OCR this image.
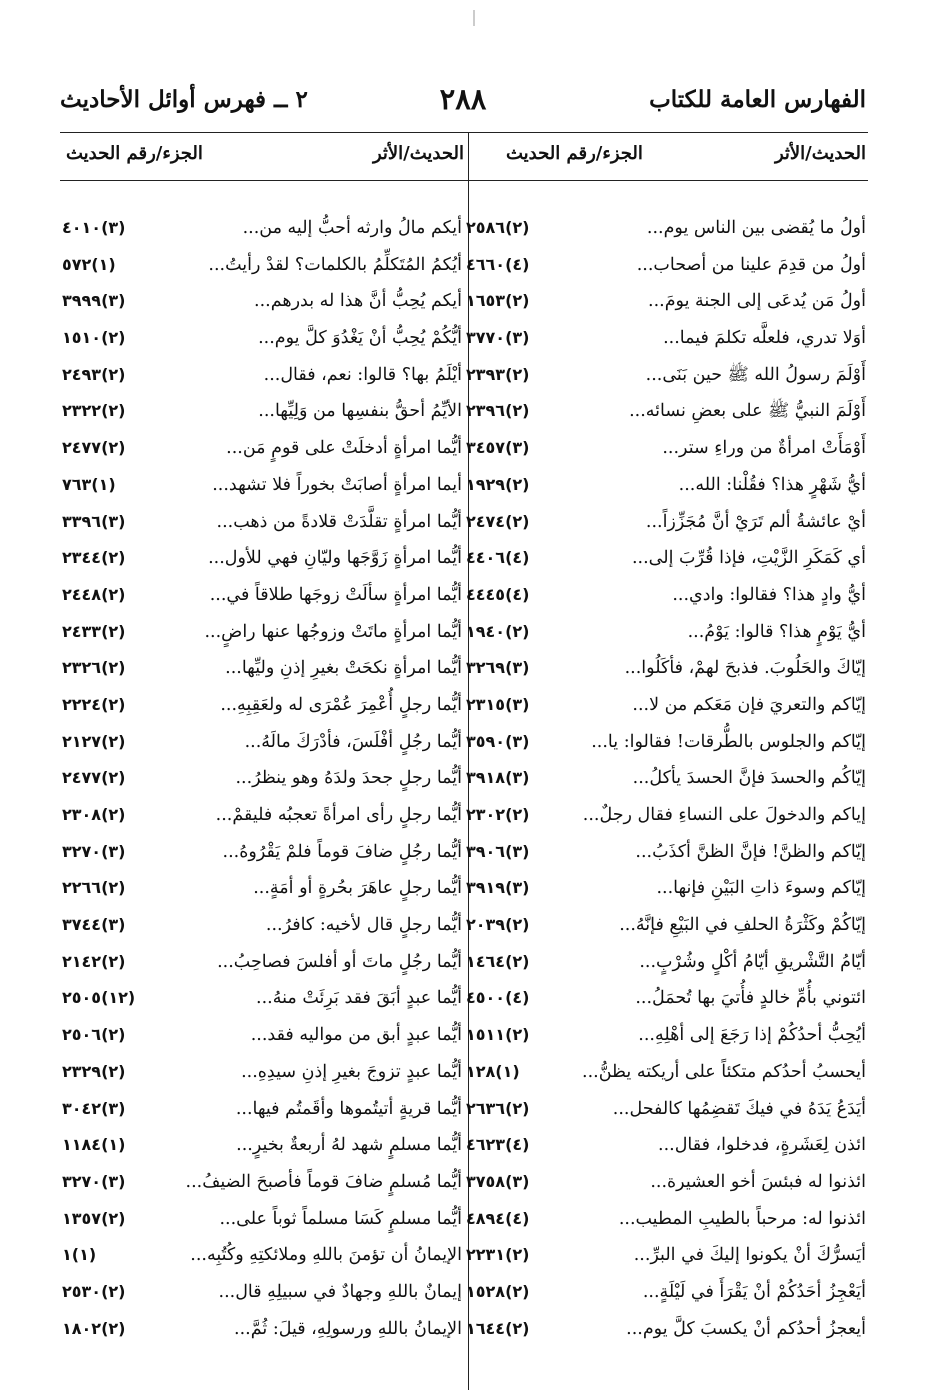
الفهارس العامة للكتاب
٢٨٨
٢ ــ فهرس أوائل الأحاديث
الحديث/الأثر
الجزء/رقم الحديث
الحديث/الأثر
الجزء/رقم الحديث
أولُ ما يُقضى بين الناس يوم...
(٢)٢٥٨٦
أولُ من قدِمَ علينا من أصحاب...
(٤)٤٦٦٠
أولُ مَن يُدعَى إلى الجنة يومَ...
(٢)١٦٥٣
أوَلا تدري، فلعلَّه تكلمَ فيما...
(٣)٣٧٧٠
أَوْلَمَ رسولُ الله ﷺ حين بَنَى...
(٢)٢٣٩٣
أَوْلَمَ النبيُّ ﷺ على بعضِ نسائه...
(٢)٢٣٩٦
أَوْمَأَتْ امرأةٌ من وراءِ ستر...
(٣)٣٤٥٧
أيُّ شَهْرٍ هذا؟ فقُلْنا: الله...
(٢)١٩٢٩
أيْ عائشةُ ألم تَرَيْ أنَّ مُجَزِّزاً...
(٢)٢٤٧٤
أي كَمَكَرِ الزَّيْتِ، فإذا قُرِّبَ إلى...
(٤)٤٤٠٦
أيُّ وادٍ هذا؟ فقالوا: وادي...
(٤)٤٤٤٥
أيُّ يَوْمٍ هذا؟ قالوا: يَوْمُ...
(٢)١٩٤٠
إيّاكَ والحَلُوبَ. فذبحَ لهمْ، فأكَلُوا...
(٣)٣٢٦٩
إيّاكم والتعريَ فإن مَعَكم من لا...
(٣)٢٣١٥
إيّاكم والجلوس بالطُّرقات! فقالوا: يا...
(٣)٣٥٩٠
إيّاكُم والحسدَ فإنَّ الحسدَ يأكلُ...
(٣)٣٩١٨
إياكم والدخولَ على النساءِ فقال رجلٌ...
(٢)٢٣٠٢
إيّاكم والظنَّ! فإنَّ الظنَّ أكذَبُ...
(٣)٣٩٠٦
إيّاكم وسوءَ ذاتِ البَيْنِ فإنها...
(٣)٣٩١٩
إيّاكُمْ وكَثْرَةُ الحلفِ في البَيْعِ فإنَّهُ...
(٢)٢٠٣٩
أيّامُ التَّشْريقِ أيّامُ أكْلٍ وشُرْبٍ...
(٢)١٤٦٤
ائتوني بأُمِّ خالدٍ فأُتيَ بها تُحمَلُ...
(٤)٤٥٠٠
أيُحِبُّ أحدُكُمْ إذا رَجَعَ إلى أهْلِهِ...
(٢)١٥١١
أيحسبُ أحدُكم متكئاً على أريكته يظنُّ...
(١)١٢٨
أيَدَعُ يَدَهُ في فيكَ تَقضِمُها كالفحل...
(٢)٢٦٣٦
ائذن لِعَشَرةٍ، فدخلوا، فقال...
(٤)٤٦٢٣
ائذنوا له فبئسَ أخو العشيرة...
(٣)٣٧٥٨
ائذنوا له: مرحباً بالطيبِ المطيب...
(٤)٤٨٩٤
أيَسرُّكَ أنْ يكونوا إليكَ في البرِّ...
(٢)٢٢٣١
أيَعْجِزُ أحَدُكُمْ أنْ يَقْرَأَ في لَيْلَةٍ...
(٢)١٥٢٨
أيعجزُ أحدُكم أنْ يكسبَ كلَّ يوم...
(٢)١٦٤٤
أيكم مالُ وارثه أحبُّ إليه من...
(٣)٤٠١٠
أيُكمُ المُتَكلِّمُ بالكلمات؟ لقدْ رأيتُ...
(١)٥٧٢
أيكم يُحِبُّ أنَّ هذا له بدرهم...
(٣)٣٩٩٩
أيُّكُمْ يُحِبُّ أنْ يَغْدُوَ كلَّ يوم...
(٢)١٥١٠
أيْلَمُ بها؟ قالوا: نعم، فقال...
(٢)٢٤٩٣
الأيِّمُ أحقُّ بنفسِها من وَلِيِّها...
(٢)٢٣٢٢
أيُّما امرأةٍ أدخلَتْ على قومٍ مَن...
(٢)٢٤٧٧
أيما امرأةٍ أصابَتْ بخوراً فلا تشهد...
(١)٧٦٣
أيُّما امرأةٍ تقلَّدَتْ قلادةً من ذهب...
(٣)٣٣٩٦
أيُّما امرأةٍ زَوَّجَها وليّانِ فهي للأول...
(٢)٢٣٤٤
أيُّما امرأةٍ سألَتْ زوجَها طلاقاً في...
(٢)٢٤٤٨
أيُّما امرأةٍ ماتَتْ وزوجُها عنها راضٍ...
(٢)٢٤٣٣
أيُّما امرأةٍ نكحَتْ بغيرِ إذنِ وليِّها...
(٢)٢٣٢٦
أيُّما رجلٍ أُعْمِرَ عُمْرَى له ولعَقِبِهِ...
(٢)٢٢٢٤
أيُّما رجُلٍ أفْلَسَ، فأدْرَكَ مالَهُ...
(٢)٢١٢٧
أيُّما رجلٍ جحدَ ولدَهُ وهو ينظرُ...
(٢)٢٤٧٧
أيُّما رجلٍ رأى امرأةً تعجبُه فليقمْ...
(٢)٢٣٠٨
أيُّما رجُلٍ ضافَ قوماً فلمْ يَقْرُوهُ...
(٣)٣٢٧٠
أيُّما رجلٍ عاهَرَ بحُرةٍ أو أمَةٍ...
(٢)٢٢٦٦
أيُّما رجلٍ قال لأخيه: كافرُ...
(٣)٣٧٤٤
أيُّما رجُلٍ ماتَ أو أفلسَ فصاحِبُ...
(٢)٢١٤٢
أيُّما عبدٍ أبَقَ فقد بَرِئَتْ منهُ...
(١٢)٢٥٠٥
أيُّما عبدٍ أبق من مواليه فقد...
(٢)٢٥٠٦
أيُّما عبدٍ تزوجَ بغيرِ إذنِ سيدِهِ...
(٢)٢٣٢٩
أيُّما قريةٍ أتيتُموها وأقَمتُم فيها...
(٣)٣٠٤٢
أيُّما مسلمٍ شهد لهُ أربعةٌ بخيرٍ...
(١)١١٨٤
أيُّما مُسلمٍ ضافَ قوماً فأصبحَ الضيفُ...
(٣)٣٢٧٠
أيُّما مسلمٍ كَسَا مسلماً ثوباً على...
(٢)١٣٥٧
الإيمانُ أن تؤمنَ باللهِ وملائكتِهِ وكُتُبِه...
(١)١
إيمانٌ باللهِ وجهادٌ في سبيلِهِ قال...
(٢)٢٥٣٠
الإيمانُ باللهِ ورسولِهِ، قيلَ: ثُمَّ...
(٢)١٨٠٢
